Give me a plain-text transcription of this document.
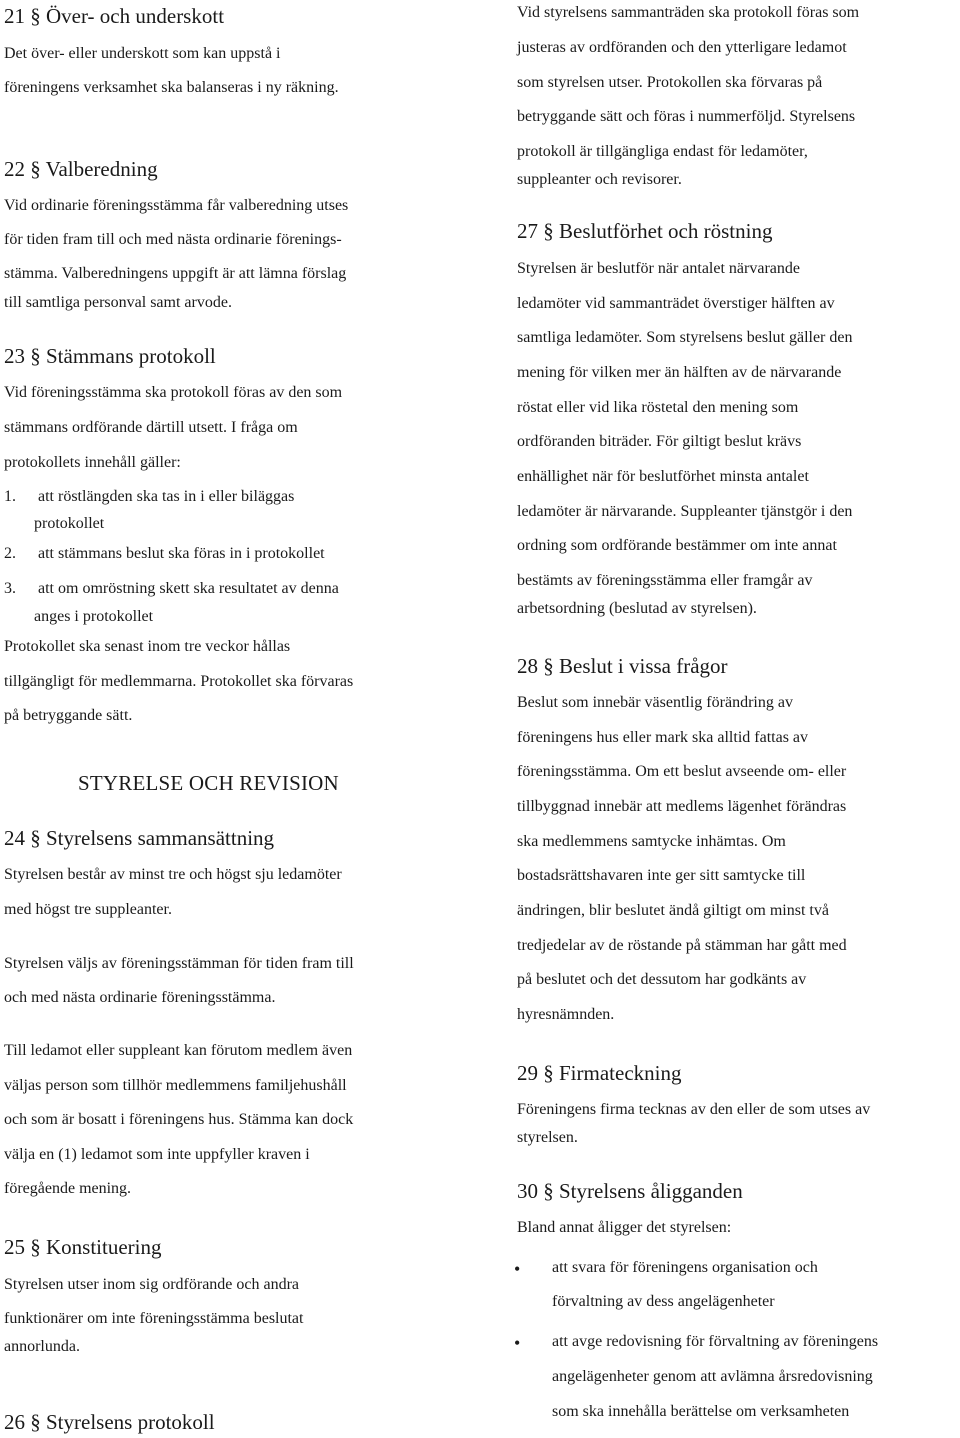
21 § Över- och underskott
Det över- eller underskott som kan uppstå i
föreningens verksamhet ska balanseras i ny räkning.
22 § Valberedning
Vid ordinarie föreningsstämma får valberedning utses
för tiden fram till och med nästa ordinarie förenings-
stämma. Valberedningens uppgift är att lämna förslag
till samtliga personval samt arvode.
23 § Stämmans protokoll
Vid föreningsstämma ska protokoll föras av den som
stämmans ordförande därtill utsett. I fråga om
protokollets innehåll gäller:
1. att röstlängden ska tas in i eller biläggas
protokollet
2. att stämmans beslut ska föras in i protokollet
3. att om omröstning skett ska resultatet av denna
anges i protokollet
Protokollet ska senast inom tre veckor hållas
tillgängligt för medlemmarna. Protokollet ska förvaras
på betryggande sätt.
STYRELSE OCH REVISION
24 § Styrelsens sammansättning
Styrelsen består av minst tre och högst sju ledamöter
med högst tre suppleanter.
Styrelsen väljs av föreningsstämman för tiden fram till
och med nästa ordinarie föreningsstämma.
Till ledamot eller suppleant kan förutom medlem även
väljas person som tillhör medlemmens familjehushåll
och som är bosatt i föreningens hus. Stämma kan dock
välja en (1) ledamot som inte uppfyller kraven i
föregående mening.
25 § Konstituering
Styrelsen utser inom sig ordförande och andra
funktionärer om inte föreningsstämma beslutat
annorlunda.
26 § Styrelsens protokoll
Vid styrelsens sammanträden ska protokoll föras som
justeras av ordföranden och den ytterligare ledamot
som styrelsen utser. Protokollen ska förvaras på
betryggande sätt och föras i nummerföljd. Styrelsens
protokoll är tillgängliga endast för ledamöter,
suppleanter och revisorer.
27 § Beslutförhet och röstning
Styrelsen är beslutför när antalet närvarande
ledamöter vid sammanträdet överstiger hälften av
samtliga ledamöter. Som styrelsens beslut gäller den
mening för vilken mer än hälften av de närvarande
röstat eller vid lika röstetal den mening som
ordföranden biträder. För giltigt beslut krävs
enhällighet när för beslutförhet minsta antalet
ledamöter är närvarande. Suppleanter tjänstgör i den
ordning som ordförande bestämmer om inte annat
bestämts av föreningsstämma eller framgår av
arbetsordning (beslutad av styrelsen).
28 § Beslut i vissa frågor
Beslut som innebär väsentlig förändring av
föreningens hus eller mark ska alltid fattas av
föreningsstämma. Om ett beslut avseende om- eller
tillbyggnad innebär att medlems lägenhet förändras
ska medlemmens samtycke inhämtas. Om
bostadsrättshavaren inte ger sitt samtycke till
ändringen, blir beslutet ändå giltigt om minst två
tredjedelar av de röstande på stämman har gått med
på beslutet och det dessutom har godkänts av
hyresnämnden.
29 § Firmateckning
Föreningens firma tecknas av den eller de som utses av
styrelsen.
30 § Styrelsens åligganden
Bland annat åligger det styrelsen:
• att svara för föreningens organisation och
förvaltning av dess angelägenheter
• att avge redovisning för förvaltning av föreningens
angelägenheter genom att avlämna årsredovisning
som ska innehålla berättelse om verksamheten
